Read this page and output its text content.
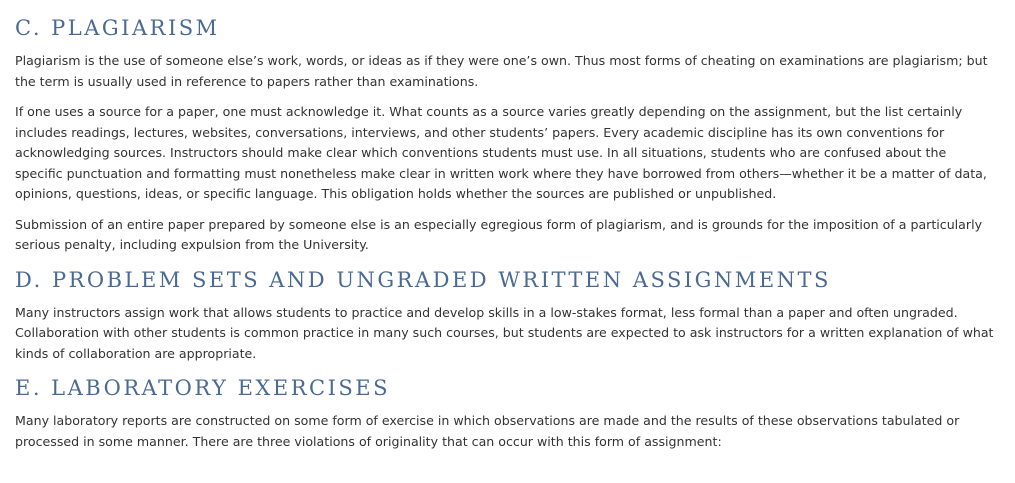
C. PLAGIARISM

Plagiarism is the use of someone else’s work, words, or ideas as if they were one’s own. Thus most forms of cheating on examinations are plagiarism; but the term is usually used in reference to papers rather than examinations.

If one uses a source for a paper, one must acknowledge it. What counts as a source varies greatly depending on the assignment, but the list certainly includes readings, lectures, websites, conversations, interviews, and other students’ papers. Every academic discipline has its own conventions for acknowledging sources. Instructors should make clear which conventions students must use. In all situations, students who are confused about the specific punctuation and formatting must nonetheless make clear in written work where they have borrowed from others—whether it be a matter of data, opinions, questions, ideas, or specific language. This obligation holds whether the sources are published or unpublished.

Submission of an entire paper prepared by someone else is an especially egregious form of plagiarism, and is grounds for the imposition of a particularly serious penalty, including expulsion from the University.

D. PROBLEM SETS AND UNGRADED WRITTEN ASSIGNMENTS

Many instructors assign work that allows students to practice and develop skills in a low-stakes format, less formal than a paper and often ungraded. Collaboration with other students is common practice in many such courses, but students are expected to ask instructors for a written explanation of what kinds of collaboration are appropriate.

E. LABORATORY EXERCISES

Many laboratory reports are constructed on some form of exercise in which observations are made and the results of these observations tabulated or processed in some manner. There are three violations of originality that can occur with this form of assignment:
